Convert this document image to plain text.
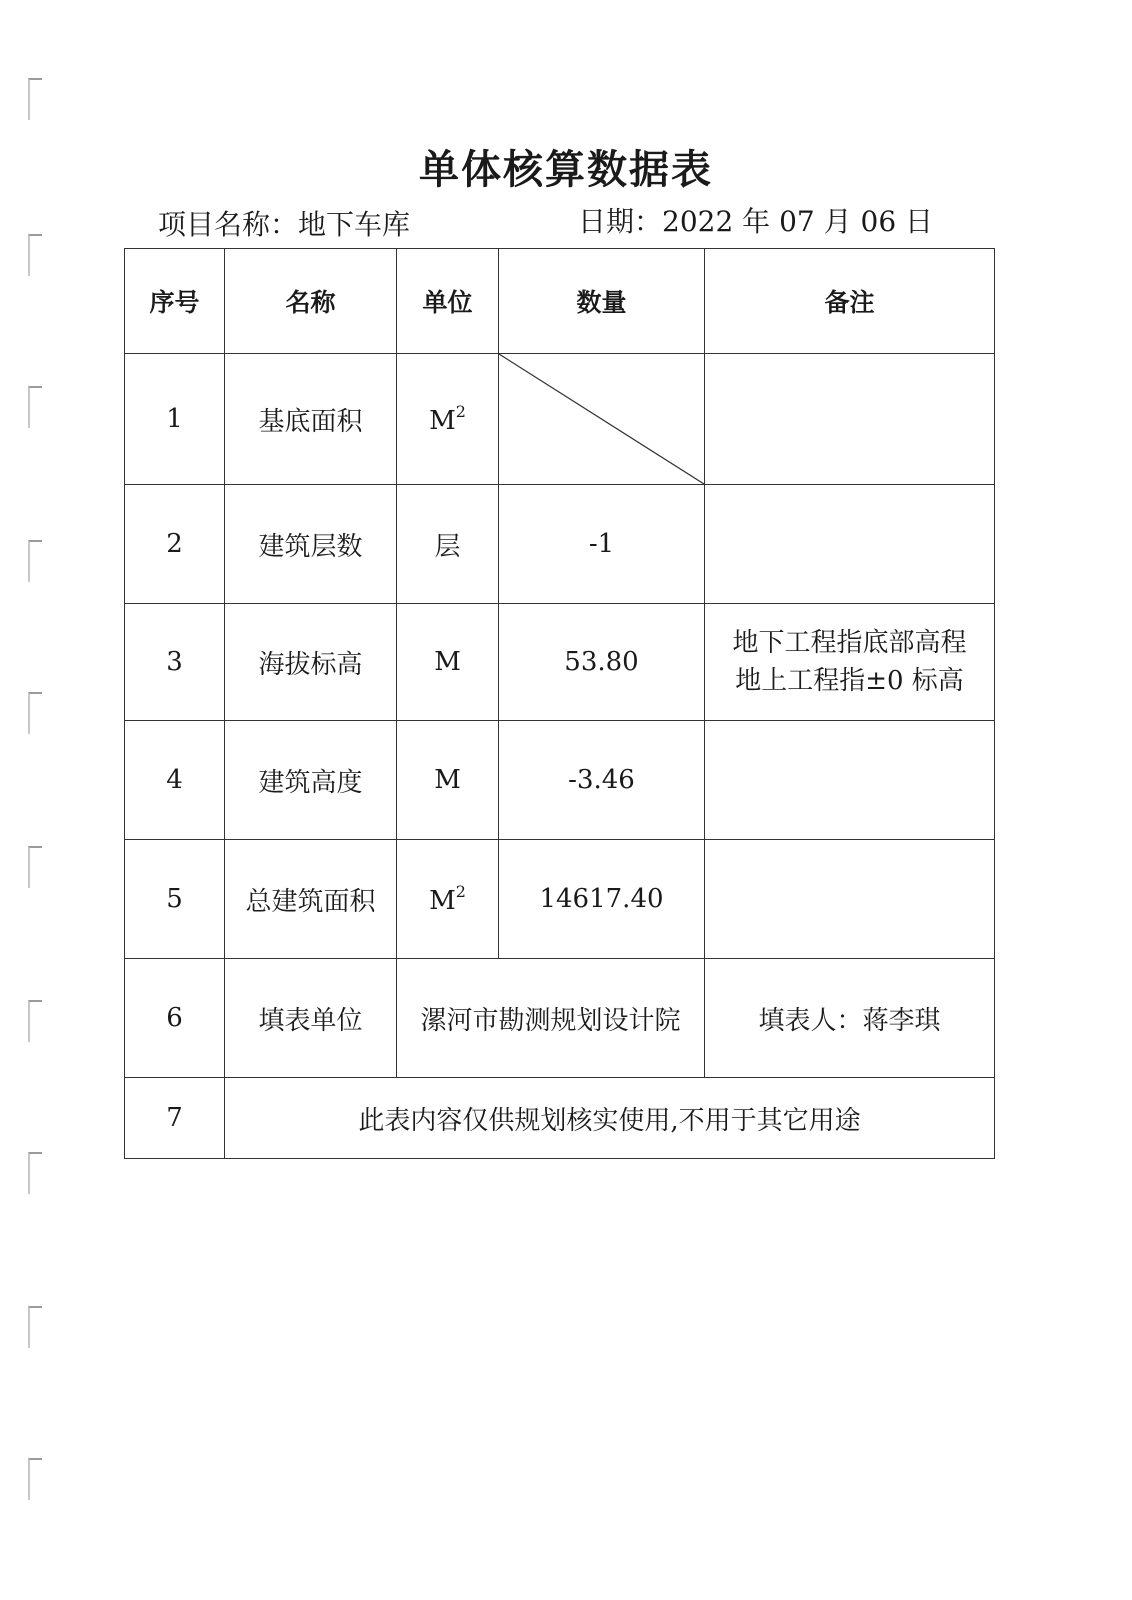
单体核算数据表
项目名称：地下车库	日期：2022 年 07 月 06 日
序号	名称	单位	数量	备注
1	基底面积	$M^2$	

2	建筑层数	层	-1	
3	海拔标高	M	53.80	地下工程指底部高程
地上工程指±0 标高

4	建筑高度	M	-3.46	
5	总建筑面积	$M^2$	14617.40	
6	填表单位	漯河市勘测规划设计院		填表人：蒋李琪
7	此表内容仅供规划核实使用,不用于其它用途			
